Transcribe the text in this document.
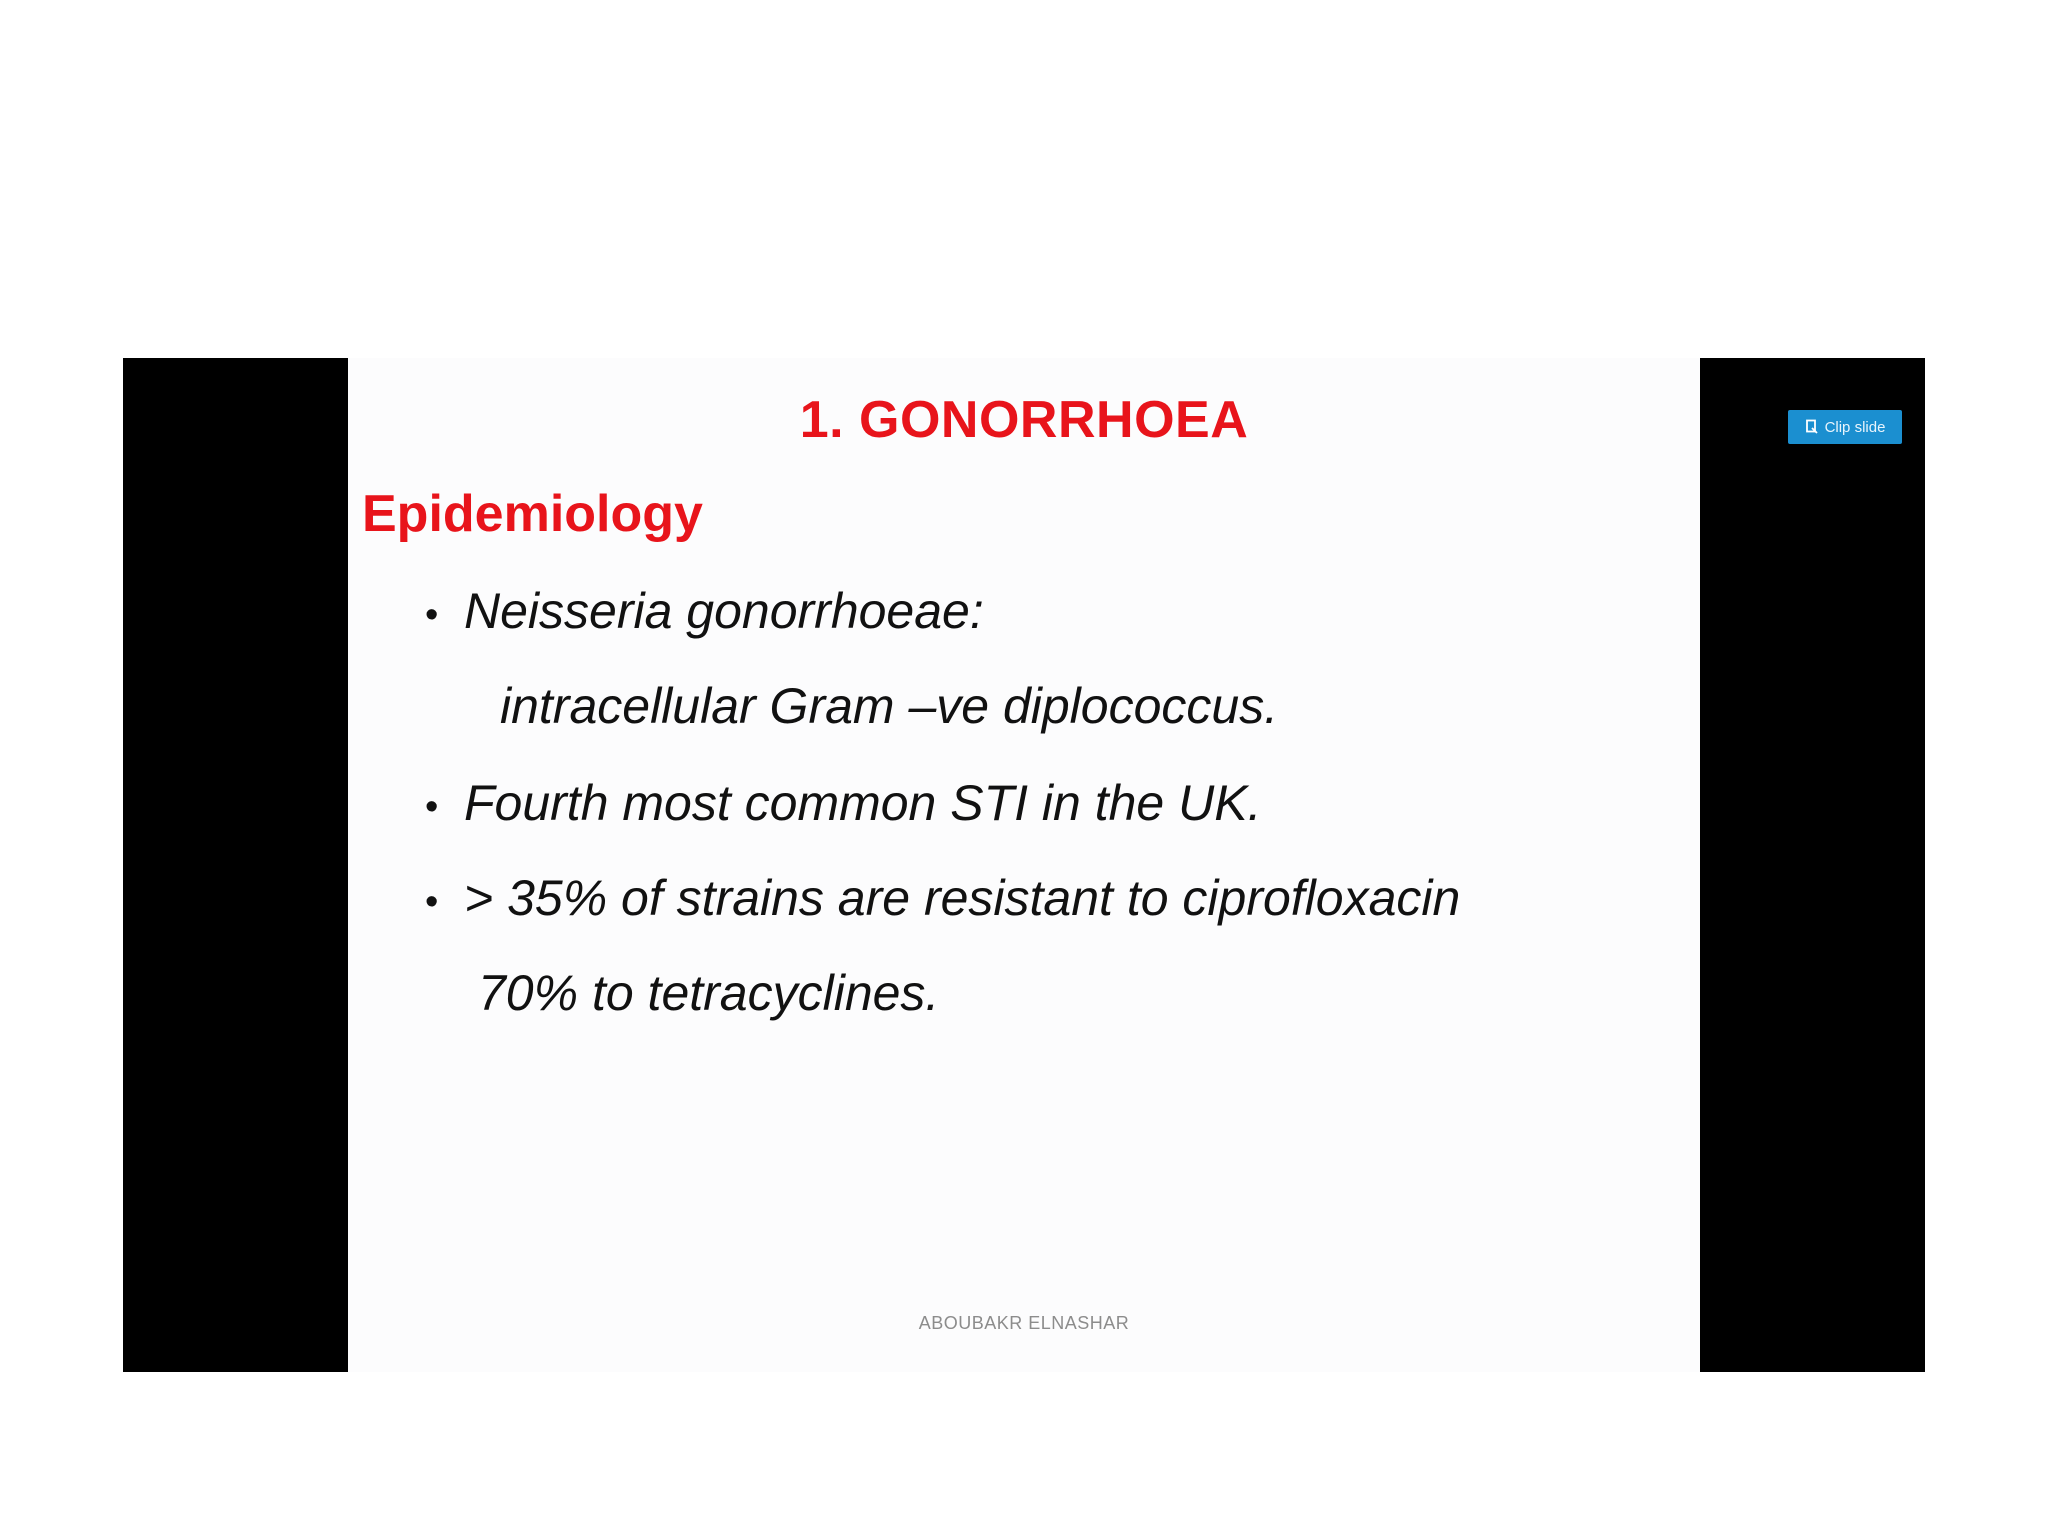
1. GONORRHOEA
Epidemiology
• Neisseria gonorrhoeae:
intracellular Gram –ve diplococcus.
• Fourth most common STI in the UK.
• > 35% of strains are resistant to ciprofloxacin
70% to tetracyclines.
ABOUBAKR ELNASHAR
Clip slide
